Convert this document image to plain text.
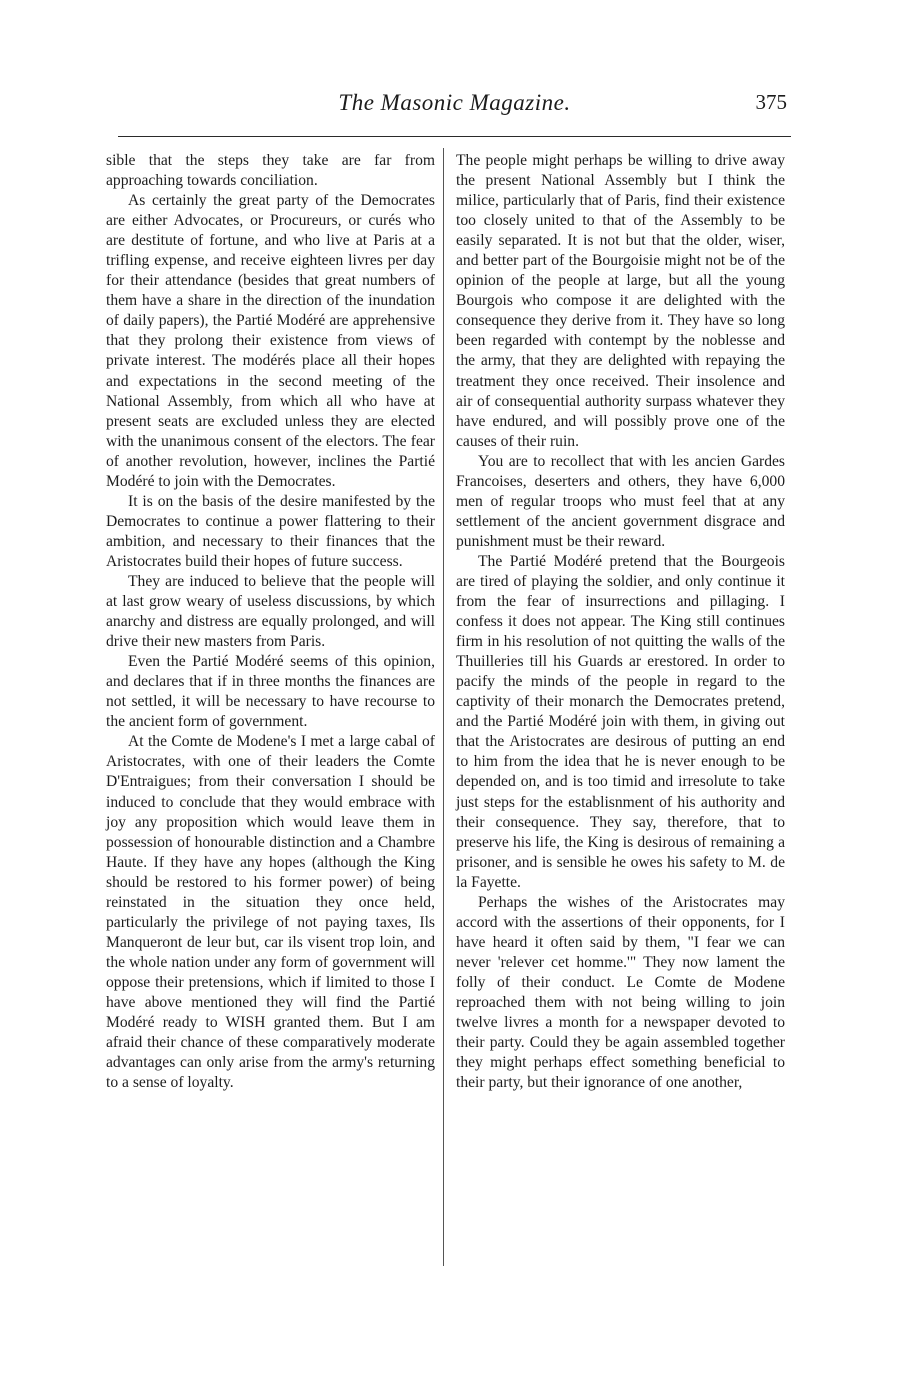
The Masonic Magazine.	375

sible that the steps they take are far from approaching towards conciliation.

As certainly the great party of the Democrates are either Advocates, or Procureurs, or curés who are destitute of fortune, and who live at Paris at a trifling expense, and receive eighteen livres per day for their attendance (besides that great numbers of them have a share in the direction of the inundation of daily papers), the Partié Modéré are apprehensive that they prolong their existence from views of private interest. The modérés place all their hopes and expectations in the second meeting of the National Assembly, from which all who have at present seats are excluded unless they are elected with the unanimous consent of the electors. The fear of another revolution, however, inclines the Partié Modéré to join with the Democrates.

It is on the basis of the desire manifested by the Democrates to continue a power flattering to their ambition, and necessary to their finances that the Aristocrates build their hopes of future success.

They are induced to believe that the people will at last grow weary of useless discussions, by which anarchy and distress are equally prolonged, and will drive their new masters from Paris.

Even the Partié Modéré seems of this opinion, and declares that if in three months the finances are not settled, it will be necessary to have recourse to the ancient form of government.

At the Comte de Modene's I met a large cabal of Aristocrates, with one of their leaders the Comte D'Entraigues; from their conversation I should be induced to conclude that they would embrace with joy any proposition which would leave them in possession of honourable distinction and a Chambre Haute. If they have any hopes (although the King should be restored to his former power) of being reinstated in the situation they once held, particularly the privilege of not paying taxes, Ils Manqueront de leur but, car ils visent trop loin, and the whole nation under any form of government will oppose their pretensions, which if limited to those I have above mentioned they will find the Partié Modéré ready to WISH granted them. But I am afraid their chance of these comparatively moderate advantages can only arise from the army's returning to a sense of loyalty.

The people might perhaps be willing to drive away the present National Assembly but I think the milice, particularly that of Paris, find their existence too closely united to that of the Assembly to be easily separated. It is not but that the older, wiser, and better part of the Bourgoisie might not be of the opinion of the people at large, but all the young Bourgois who compose it are delighted with the consequence they derive from it. They have so long been regarded with contempt by the noblesse and the army, that they are delighted with repaying the treatment they once received. Their insolence and air of consequential authority surpass whatever they have endured, and will possibly prove one of the causes of their ruin.

You are to recollect that with les ancien Gardes Francoises, deserters and others, they have 6,000 men of regular troops who must feel that at any settlement of the ancient government disgrace and punishment must be their reward.

The Partié Modéré pretend that the Bourgeois are tired of playing the soldier, and only continue it from the fear of insurrections and pillaging. I confess it does not appear. The King still continues firm in his resolution of not quitting the walls of the Thuilleries till his Guards ar erestored. In order to pacify the minds of the people in regard to the captivity of their monarch the Democrates pretend, and the Partié Modéré join with them, in giving out that the Aristocrates are desirous of putting an end to him from the idea that he is never enough to be depended on, and is too timid and irresolute to take just steps for the establisnment of his authority and their consequence. They say, therefore, that to preserve his life, the King is desirous of remaining a prisoner, and is sensible he owes his safety to M. de la Fayette.

Perhaps the wishes of the Aristocrates may accord with the assertions of their opponents, for I have heard it often said by them, "I fear we can never 'relever cet homme.'" They now lament the folly of their conduct. Le Comte de Modene reproached them with not being willing to join twelve livres a month for a newspaper devoted to their party. Could they be again assembled together they might perhaps effect something beneficial to their party, but their ignorance of one another,
